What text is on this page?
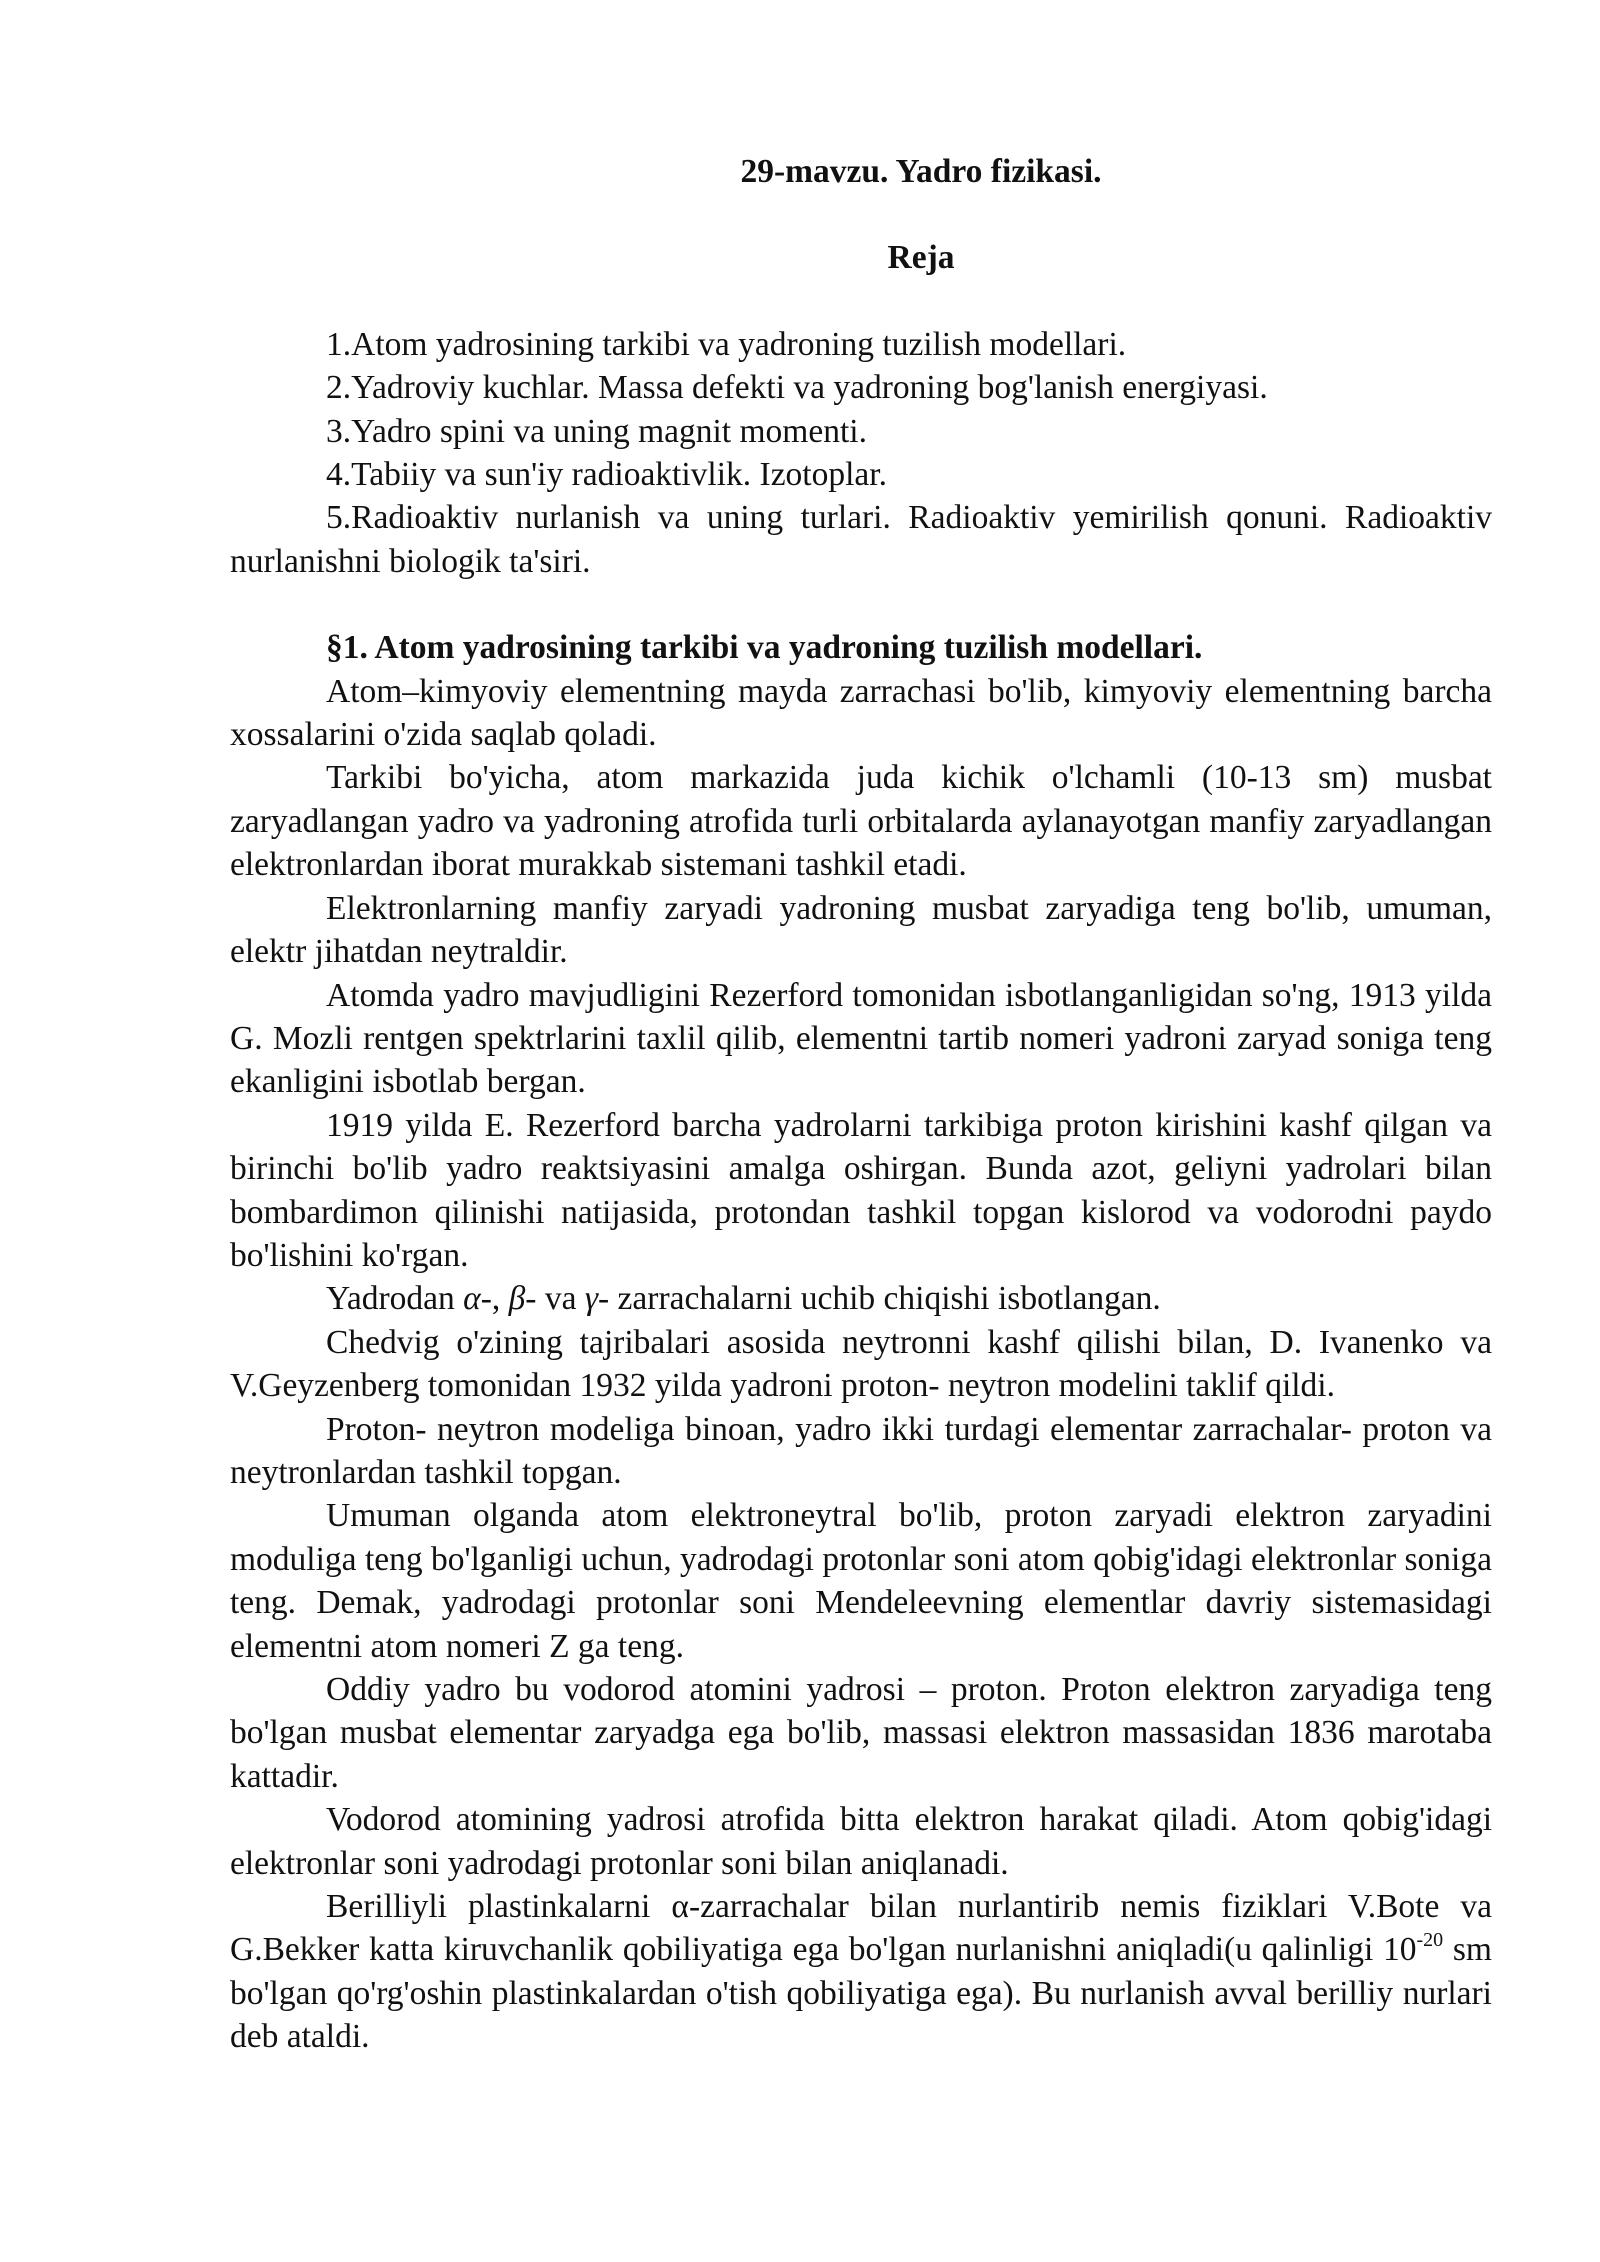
29-mavzu. Yadro fizikasi.

Reja

1.Atom yadrosining tarkibi va yadroning tuzilish modellari.

2.Yadroviy kuchlar. Massa defekti va yadroning bog'lanish energiyasi.

3.Yadro spini va uning magnit momenti.

4.Tabiiy va sun'iy radioaktivlik. Izotoplar.

5.Radioaktiv nurlanish va uning turlari. Radioaktiv yemirilish qonuni. Radioaktiv nurlanishni biologik ta'siri.

§1. Atom yadrosining tarkibi va yadroning tuzilish modellari.

Atom–kimyoviy elementning mayda zarrachasi bo'lib, kimyoviy elementning barcha xossalarini o'zida saqlab qoladi.

Tarkibi bo'yicha, atom markazida juda kichik o'lchamli (10-13 sm) musbat zaryadlangan yadro va yadroning atrofida turli orbitalarda aylanayotgan manfiy zaryadlangan elektronlardan iborat murakkab sistemani tashkil etadi.

Elektronlarning manfiy zaryadi yadroning musbat zaryadiga teng bo'lib, umuman, elektr jihatdan neytraldir.

Atomda yadro mavjudligini Rezerford tomonidan isbotlanganligidan so'ng, 1913 yilda G. Mozli rentgen spektrlarini taxlil qilib, elementni tartib nomeri yadroni zaryad soniga teng ekanligini isbotlab bergan.

1919 yilda E. Rezerford barcha yadrolarni tarkibiga proton kirishini kashf qilgan va birinchi bo'lib yadro reaktsiyasini amalga oshirgan. Bunda azot, geliyni yadrolari bilan bombardimon qilinishi natijasida, protondan tashkil topgan kislorod va vodorodni paydo bo'lishini ko'rgan.

Yadrodan α-, β- va γ- zarrachalarni uchib chiqishi isbotlangan.

Chedvig o'zining tajribalari asosida neytronni kashf qilishi bilan, D. Ivanenko va V.Geyzenberg tomonidan 1932 yilda yadroni proton- neytron modelini taklif qildi.

Proton- neytron modeliga binoan, yadro ikki turdagi elementar zarrachalar- proton va neytronlardan tashkil topgan.

Umuman olganda atom elektroneytral bo'lib, proton zaryadi elektron zaryadini moduliga teng bo'lganligi uchun, yadrodagi protonlar soni atom qobig'idagi elektronlar soniga teng. Demak, yadrodagi protonlar soni Mendeleevning elementlar davriy sistemasidagi elementni atom nomeri Z ga teng.

Oddiy yadro bu vodorod atomini yadrosi – proton. Proton elektron zaryadiga teng bo'lgan musbat elementar zaryadga ega bo'lib, massasi elektron massasidan 1836 marotaba kattadir.

Vodorod atomining yadrosi atrofida bitta elektron harakat qiladi. Atom qobig'idagi elektronlar soni yadrodagi protonlar soni bilan aniqlanadi.

Berilliyli plastinkalarni α-zarrachalar bilan nurlantirib nemis fiziklari V.Bote va G.Bekker katta kiruvchanlik qobiliyatiga ega bo'lgan nurlanishni aniqladi(u qalinligi $10^{-20}$ sm bo'lgan qo'rg'oshin plastinkalardan o'tish qobiliyatiga ega). Bu nurlanish avval berilliy nurlari deb ataldi.
